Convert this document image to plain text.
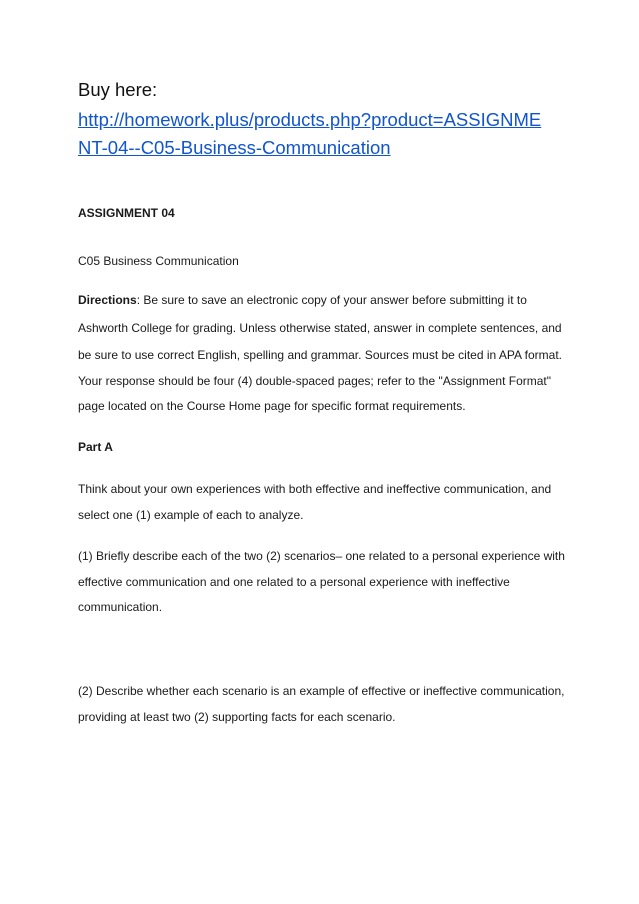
Buy here:
http://homework.plus/products.php?product=ASSIGNME
NT-04--C05-Business-Communication
ASSIGNMENT 04
C05 Business Communication
Directions: Be sure to save an electronic copy of your answer before submitting it to
Ashworth College for grading. Unless otherwise stated, answer in complete sentences, and
be sure to use correct English, spelling and grammar. Sources must be cited in APA format.
Your response should be four (4) double-spaced pages; refer to the "Assignment Format"
page located on the Course Home page for specific format requirements.
Part A
Think about your own experiences with both effective and ineffective communication, and
select one (1) example of each to analyze.
(1) Briefly describe each of the two (2) scenarios– one related to a personal experience with
effective communication and one related to a personal experience with ineffective
communication.
(2) Describe whether each scenario is an example of effective or ineffective communication,
providing at least two (2) supporting facts for each scenario.
